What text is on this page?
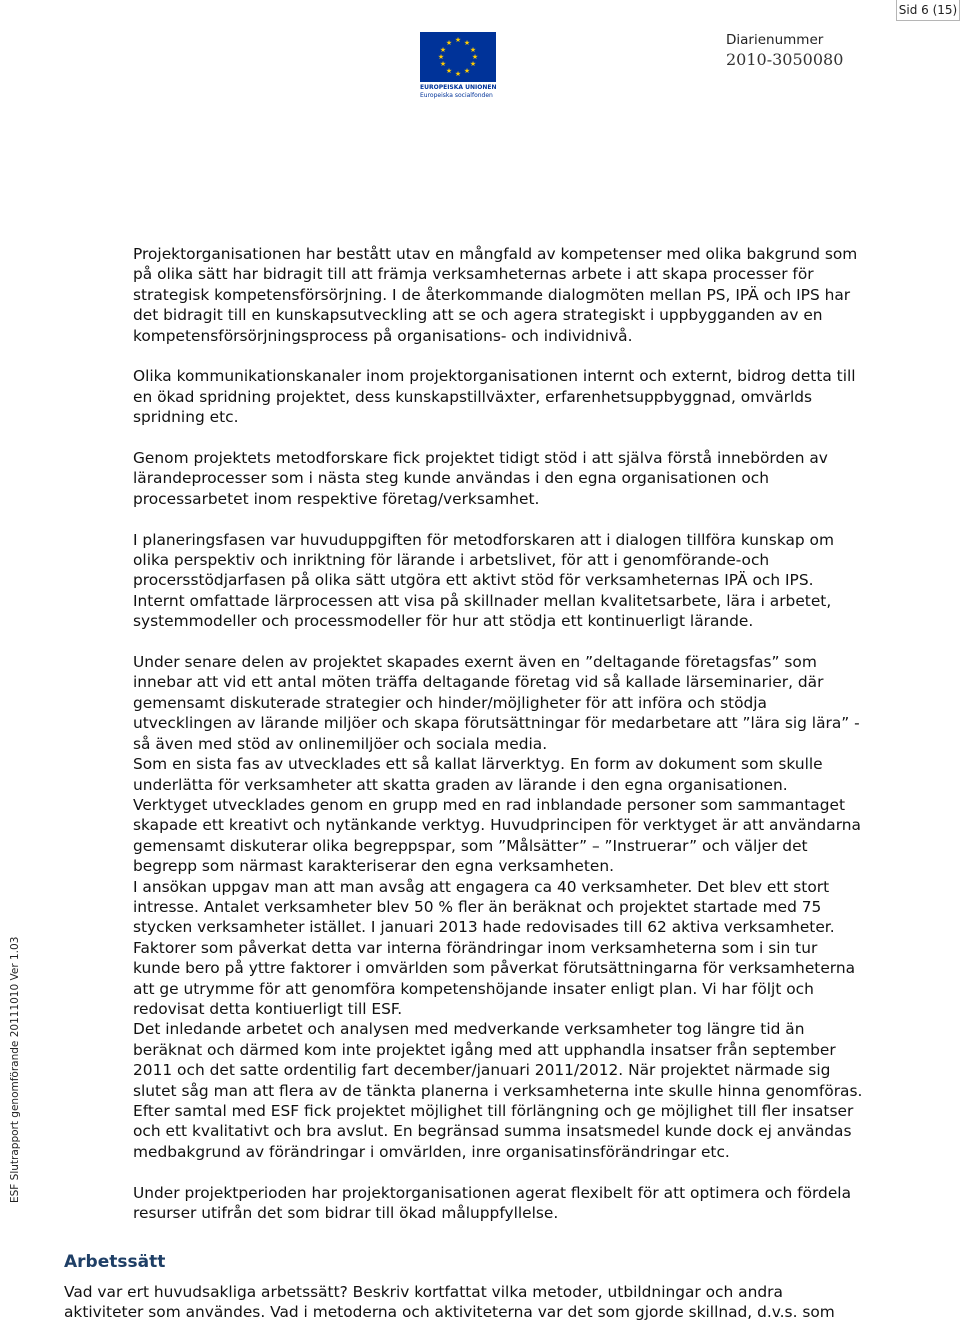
Sid 6 (15)
★ ★
★
★
★
★
★
★
★
★
★
★
EUROPEISKA UNIONEN
Europeiska socialfonden
Diarienummer
2010-3050080
ESF Slutrapport genomförande 20111010 Ver 1.03
Projektorganisationen har bestått utav en mångfald av kompetenser med olika bakgrund som
på olika sätt har bidragit till att främja verksamheternas arbete i att skapa processer för
strategisk kompetensförsörjning. I de återkommande dialogmöten mellan PS, IPÄ och IPS har
det bidragit till en kunskapsutveckling att se och agera strategiskt i uppbygganden av en
kompetensförsörjningsprocess på organisations- och individnivå.
Olika kommunikationskanaler inom projektorganisationen internt och externt, bidrog detta till
en ökad spridning projektet, dess kunskapstillväxter, erfarenhetsuppbyggnad, omvärlds
spridning etc.
Genom projektets metodforskare fick projektet tidigt stöd i att själva förstå innebörden av
lärandeprocesser som i nästa steg kunde användas i den egna organisationen och
processarbetet inom respektive företag/verksamhet.
I planeringsfasen var huvuduppgiften för metodforskaren att i dialogen tillföra kunskap om
olika perspektiv och inriktning för lärande i arbetslivet, för att i genomförande-och
procersstödjarfasen på olika sätt utgöra ett aktivt stöd för verksamheternas IPÄ och IPS.
Internt omfattade lärprocessen att visa på skillnader mellan kvalitetsarbete, lära i arbetet,
systemmodeller och processmodeller för hur att stödja ett kontinuerligt lärande.
Under senare delen av projektet skapades exernt även en ”deltagande företagsfas” som
innebar att vid ett antal möten träffa deltagande företag vid så kallade lärseminarier, där
gemensamt diskuterade strategier och hinder/möjligheter för att införa och stödja
utvecklingen av lärande miljöer och skapa förutsättningar för medarbetare att ”lära sig lära” -
så även med stöd av onlinemiljöer och sociala media.
Som en sista fas av utvecklades ett så kallat lärverktyg. En form av dokument som skulle
underlätta för verksamheter att skatta graden av lärande i den egna organisationen.
Verktyget utvecklades genom en grupp med en rad inblandade personer som sammantaget
skapade ett kreativt och nytänkande verktyg. Huvudprincipen för verktyget är att användarna
gemensamt diskuterar olika begreppspar, som ”Målsätter” – ”Instruerar” och väljer det
begrepp som närmast karakteriserar den egna verksamheten.
I ansökan uppgav man att man avsåg att engagera ca 40 verksamheter. Det blev ett stort
intresse. Antalet verksamheter blev 50 % fler än beräknat och projektet startade med 75
stycken verksamheter istället. I januari 2013 hade redovisades till 62 aktiva verksamheter.
Faktorer som påverkat detta var interna förändringar inom verksamheterna som i sin tur
kunde bero på yttre faktorer i omvärlden som påverkat förutsättningarna för verksamheterna
att ge utrymme för att genomföra kompetenshöjande insater enligt plan. Vi har följt och
redovisat detta kontiuerligt till ESF.
Det inledande arbetet och analysen med medverkande verksamheter tog längre tid än
beräknat och därmed kom inte projektet igång med att upphandla insatser från september
2011 och det satte ordentilig fart december/januari 2011/2012. När projektet närmade sig
slutet såg man att flera av de tänkta planerna i verksamheterna inte skulle hinna genomföras.
Efter samtal med ESF fick projektet möjlighet till förlängning och ge möjlighet till fler insatser
och ett kvalitativt och bra avslut. En begränsad summa insatsmedel kunde dock ej användas
medbakgrund av förändringar i omvärlden, inre organisatinsförändringar etc.
Under projektperioden har projektorganisationen agerat flexibelt för att optimera och fördela
resurser utifrån det som bidrar till ökad måluppfyllelse.
Arbetssätt
Vad var ert huvudsakliga arbetssätt? Beskriv kortfattat vilka metoder, utbildningar och andra
aktiviteter som användes. Vad i metoderna och aktiviteterna var det som gjorde skillnad, d.v.s. som
